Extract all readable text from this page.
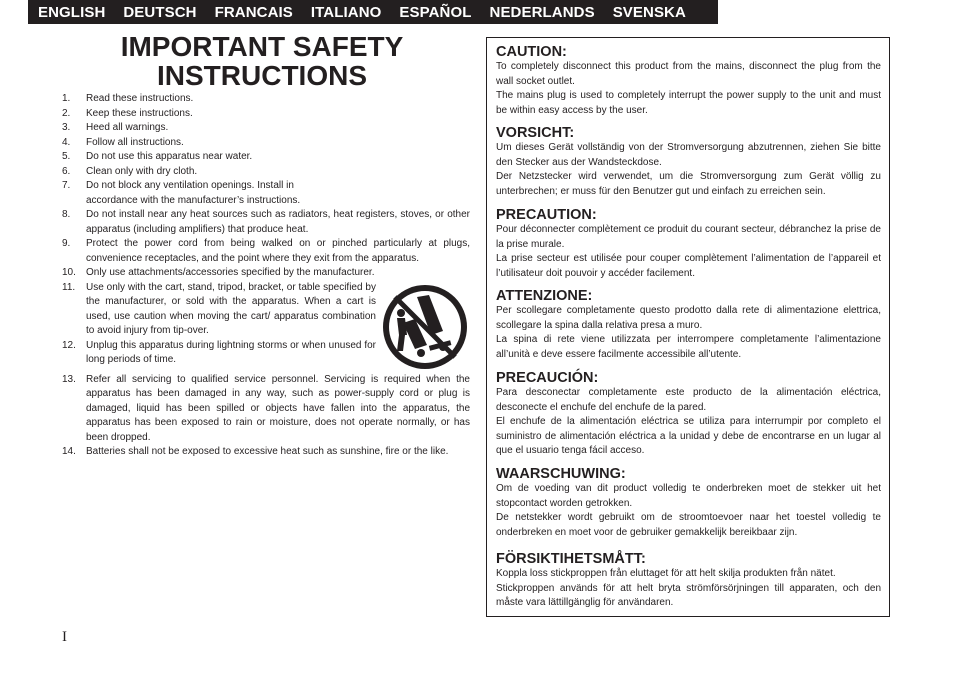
ENGLISH DEUTSCH FRANCAIS ITALIANO ESPAÑOL NEDERLANDS SVENSKA
IMPORTANT SAFETY
INSTRUCTIONS
1.	Read these instructions.
2.	Keep these instructions.
3.	Heed all warnings.
4.	Follow all instructions.
5.	Do not use this apparatus near water.
6.	Clean only with dry cloth.
7.	Do not block any ventilation openings. Install in accordance with the manufacturer’s instructions.
8.	Do not install near any heat sources such as radiators, heat registers, stoves, or other apparatus (including amplifiers) that produce heat.
9.	Protect the power cord from being walked on or pinched particularly at plugs, convenience receptacles, and the point where they exit from the apparatus.
10.	Only use attachments/accessories specified by the manufacturer.
11.	Use only with the cart, stand, tripod, bracket, or table specified by the manufacturer, or sold with the apparatus. When a cart is used, use caution when moving the cart/ apparatus combination to avoid injury from tip-over.
12.	Unplug this apparatus during lightning storms or when unused for long periods of time.
13.	Refer all servicing to qualified service personnel. Servicing is required when the apparatus has been damaged in any way, such as power-supply cord or plug is damaged, liquid has been spilled or objects have fallen into the apparatus, the apparatus has been exposed to rain or moisture, does not operate normally, or has been dropped.
14.	Batteries shall not be exposed to excessive heat such as sunshine, fire or the like.
CAUTION:

To completely disconnect this product from the mains, disconnect the plug from the wall socket outlet.

The mains plug is used to completely interrupt the power supply to the unit and must be within easy access by the user.

VORSICHT:

Um dieses Gerät vollständig von der Stromversorgung abzutrennen, ziehen Sie bitte den Stecker aus der Wandsteckdose.

Der Netzstecker wird verwendet, um die Stromversorgung zum Gerät völlig zu unterbrechen; er muss für den Benutzer gut und einfach zu erreichen sein.

PRECAUTION:

Pour déconnecter complètement ce produit du courant secteur, débranchez la prise de la prise murale.

La prise secteur est utilisée pour couper complètement l’alimentation de l’appareil et l’utilisateur doit pouvoir y accéder facilement.

ATTENZIONE:

Per scollegare completamente questo prodotto dalla rete di alimentazione elettrica, scollegare la spina dalla relativa presa a muro.

La spina di rete viene utilizzata per interrompere completamente l’alimentazione all’unità e deve essere facilmente accessibile all’utente.

PRECAUCIÓN:

Para desconectar completamente este producto de la alimentación eléctrica, desconecte el enchufe del enchufe de la pared.

El enchufe de la alimentación eléctrica se utiliza para interrumpir por completo el suministro de alimentación eléctrica a la unidad y debe de encontrarse en un lugar al que el usuario tenga fácil acceso.

WAARSCHUWING:

Om de voeding van dit product volledig te onderbreken moet de stekker uit het stopcontact worden getrokken.

De netstekker wordt gebruikt om de stroomtoevoer naar het toestel volledig te onderbreken en moet voor de gebruiker gemakkelijk bereikbaar zijn.

FÖRSIKTIHETSMÅTT:

Koppla loss stickproppen från eluttaget för att helt skilja produkten från nätet.

Stickproppen används för att helt bryta strömförsörjningen till apparaten, och den måste vara lättillgänglig för användaren.

I
